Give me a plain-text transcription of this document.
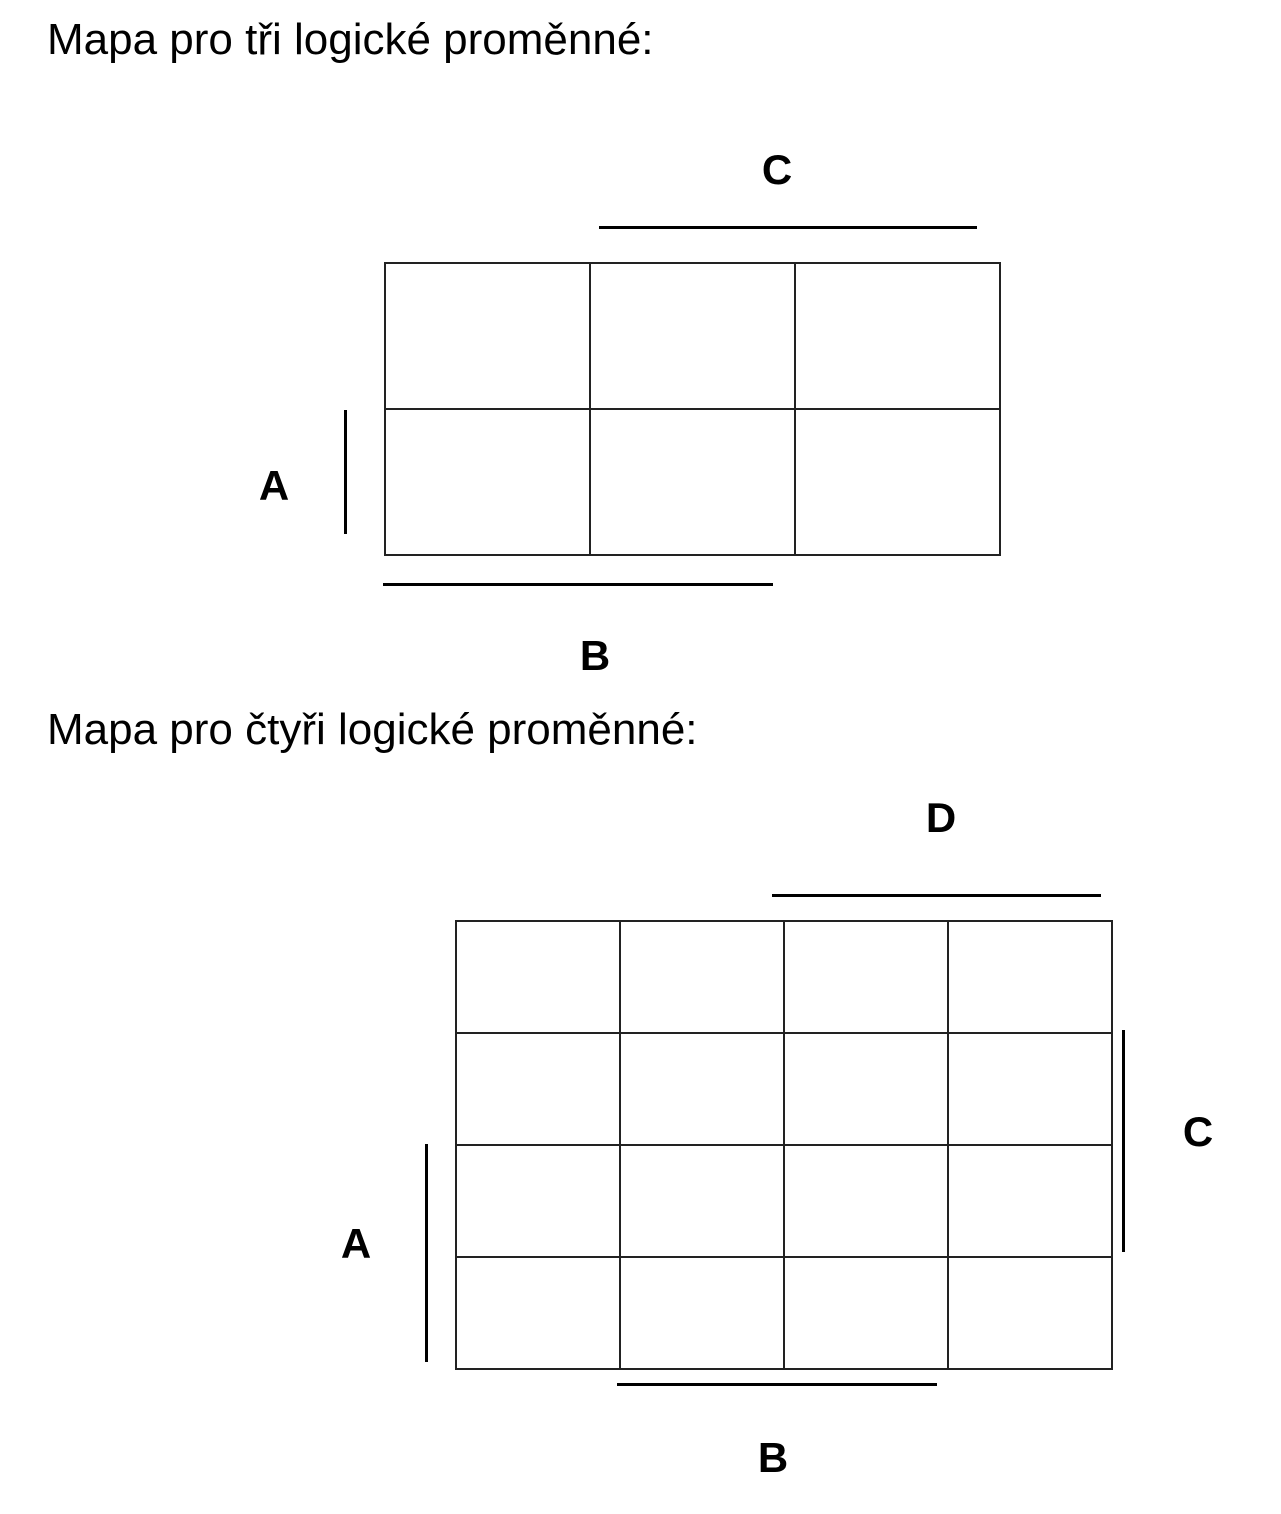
Mapa pro tři logické proměnné:
C
A

B
Mapa pro čtyři logické proměnné:
D
A

C
B
